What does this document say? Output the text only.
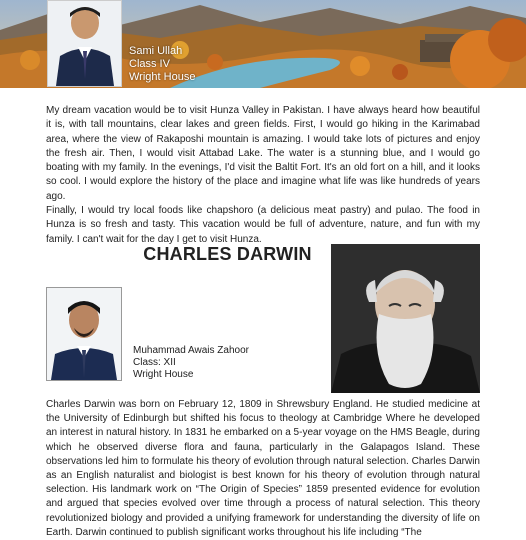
Sami Ullah
Class IV
Wright House

My dream vacation would be to visit Hunza Valley in Pakistan. I have always heard how beautiful it is, with tall mountains, clear lakes and green fields. First, I would go hiking in the Karimabad area, where the view of Rakaposhi mountain is amazing. I would take lots of pictures and enjoy the fresh air. Then, I would visit Attabad Lake. The water is a stunning blue, and I would go boating with my family. In the evenings, I'd visit the Baltit Fort. It's an old fort on a hill, and it looks so cool. I would explore the history of the place and imagine what life was like hundreds of years ago.

Finally, I would try local foods like chapshoro (a delicious meat pastry) and pulao. The food in Hunza is so fresh and tasty. This vacation would be full of adventure, nature, and fun with my family. I can't wait for the day I get to visit Hunza.

CHARLES DARWIN
Muhammad Awais Zahoor
Class: XII
Wright House

Charles Darwin was born on February 12, 1809 in Shrewsbury England. He studied medicine at the University of Edinburgh but shifted his focus to theology at Cambridge Where he developed an interest in natural history. In 1831 he embarked on a 5-year voyage on the HMS Beagle, during which he observed diverse flora and fauna, particularly in the Galapagos Island. These observations led him to formulate his theory of evolution through natural selection. Charles Darwin as an English naturalist and biologist is best known for his theory of evolution through natural selection. His landmark work on “The Origin of Species” 1859 presented evidence for evolution and argued that species evolved over time through a process of natural selection. This theory revolutionized biology and provided a unifying framework for understanding the diversity of life on Earth. Darwin continued to publish significant works throughout his life including “The
